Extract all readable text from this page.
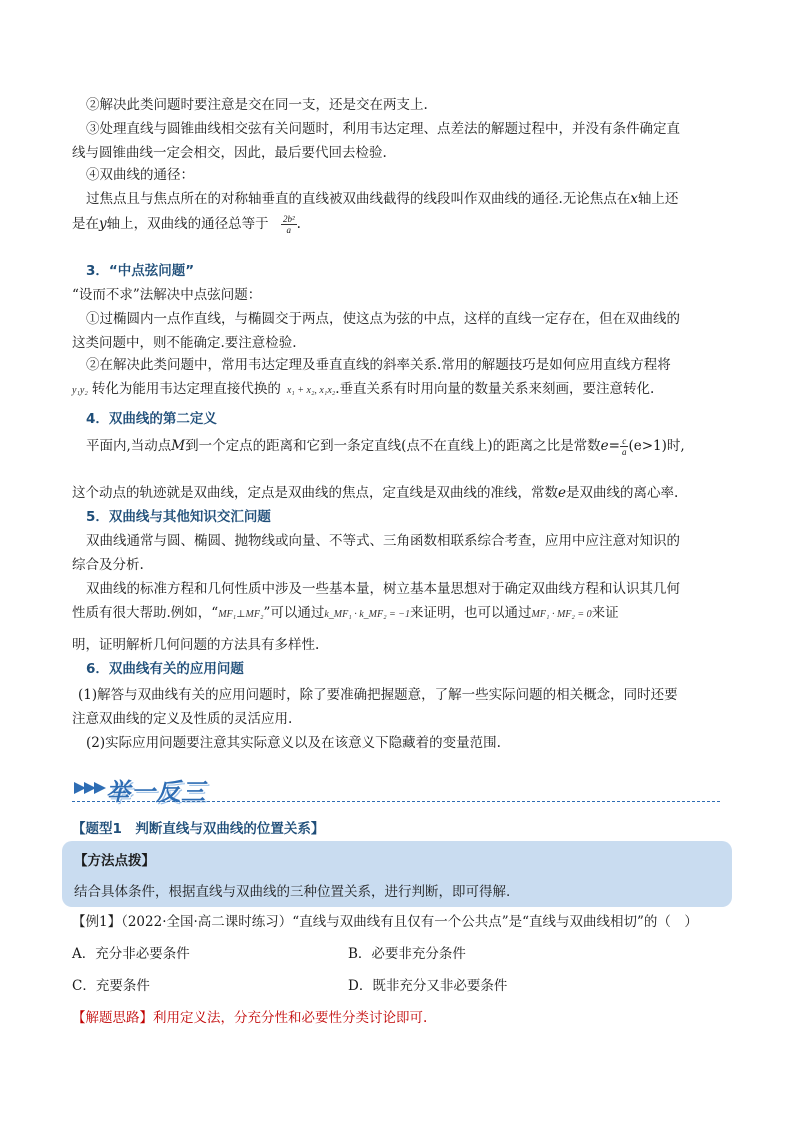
②解决此类问题时要注意是交在同一支，还是交在两支上.
③处理直线与圆锥曲线相交弦有关问题时，利用韦达定理、点差法的解题过程中，并没有条件确定直
线与圆锥曲线一定会相交，因此，最后要代回去检验.
④双曲线的通径：
过焦点且与焦点所在的对称轴垂直的直线被双曲线截得的线段叫作双曲线的通径.无论焦点在x轴上还
是在y轴上，双曲线的通径总等于 $\frac{\text{2b²}}{a}$ .
3．“中点弦问题”
“设而不求”法解决中点弦问题：
①过椭圆内一点作直线，与椭圆交于两点，使这点为弦的中点，这样的直线一定存在，但在双曲线的
这类问题中，则不能确定.要注意检验.
②在解决此类问题中，常用韦达定理及垂直直线的斜率关系.常用的解题技巧是如何应用直线方程将
y₁y₂ 转化为能用韦达定理直接代换的 x₁ + x₂, x₁x₂.垂直关系有时用向量的数量关系来刻画，要注意转化.
4．双曲线的第二定义
平面内,当动点M到一个定点的距离和它到一条定直线(点不在直线上)的距离之比是常数$e= \frac{c}{a} (e>1)$时,
这个动点的轨迹就是双曲线，定点是双曲线的焦点，定直线是双曲线的准线，常数e是双曲线的离心率.
5．双曲线与其他知识交汇问题
双曲线通常与圆、椭圆、抛物线或向量、不等式、三角函数相联系综合考查，应用中应注意对知识的
综合及分析.
双曲线的标准方程和几何性质中涉及一些基本量，树立基本量思想对于确定双曲线方程和认识其几何
性质有很大帮助.例如，“MF₁⊥MF₂”可以通过k_MF₁ · k_MF₂ = −1来证明，也可以通过MF₁ · MF₂ = 0来证
明，证明解析几何问题的方法具有多样性.
6．双曲线有关的应用问题
(1)解答与双曲线有关的应用问题时，除了要准确把握题意，了解一些实际问题的相关概念，同时还要
注意双曲线的定义及性质的灵活应用.
(2)实际应用问题要注意其实际意义以及在该意义下隐藏着的变量范围.
举一反三
【题型1　判断直线与双曲线的位置关系】
【方法点拨】
结合具体条件，根据直线与双曲线的三种位置关系，进行判断，即可得解.
【例1】（2022·全国·高二课时练习）“直线与双曲线有且仅有一个公共点”是“直线与双曲线相切”的（　）
A．充分非必要条件	B．必要非充分条件
C．充要条件	D．既非充分又非必要条件
【解题思路】利用定义法，分充分性和必要性分类讨论即可.
